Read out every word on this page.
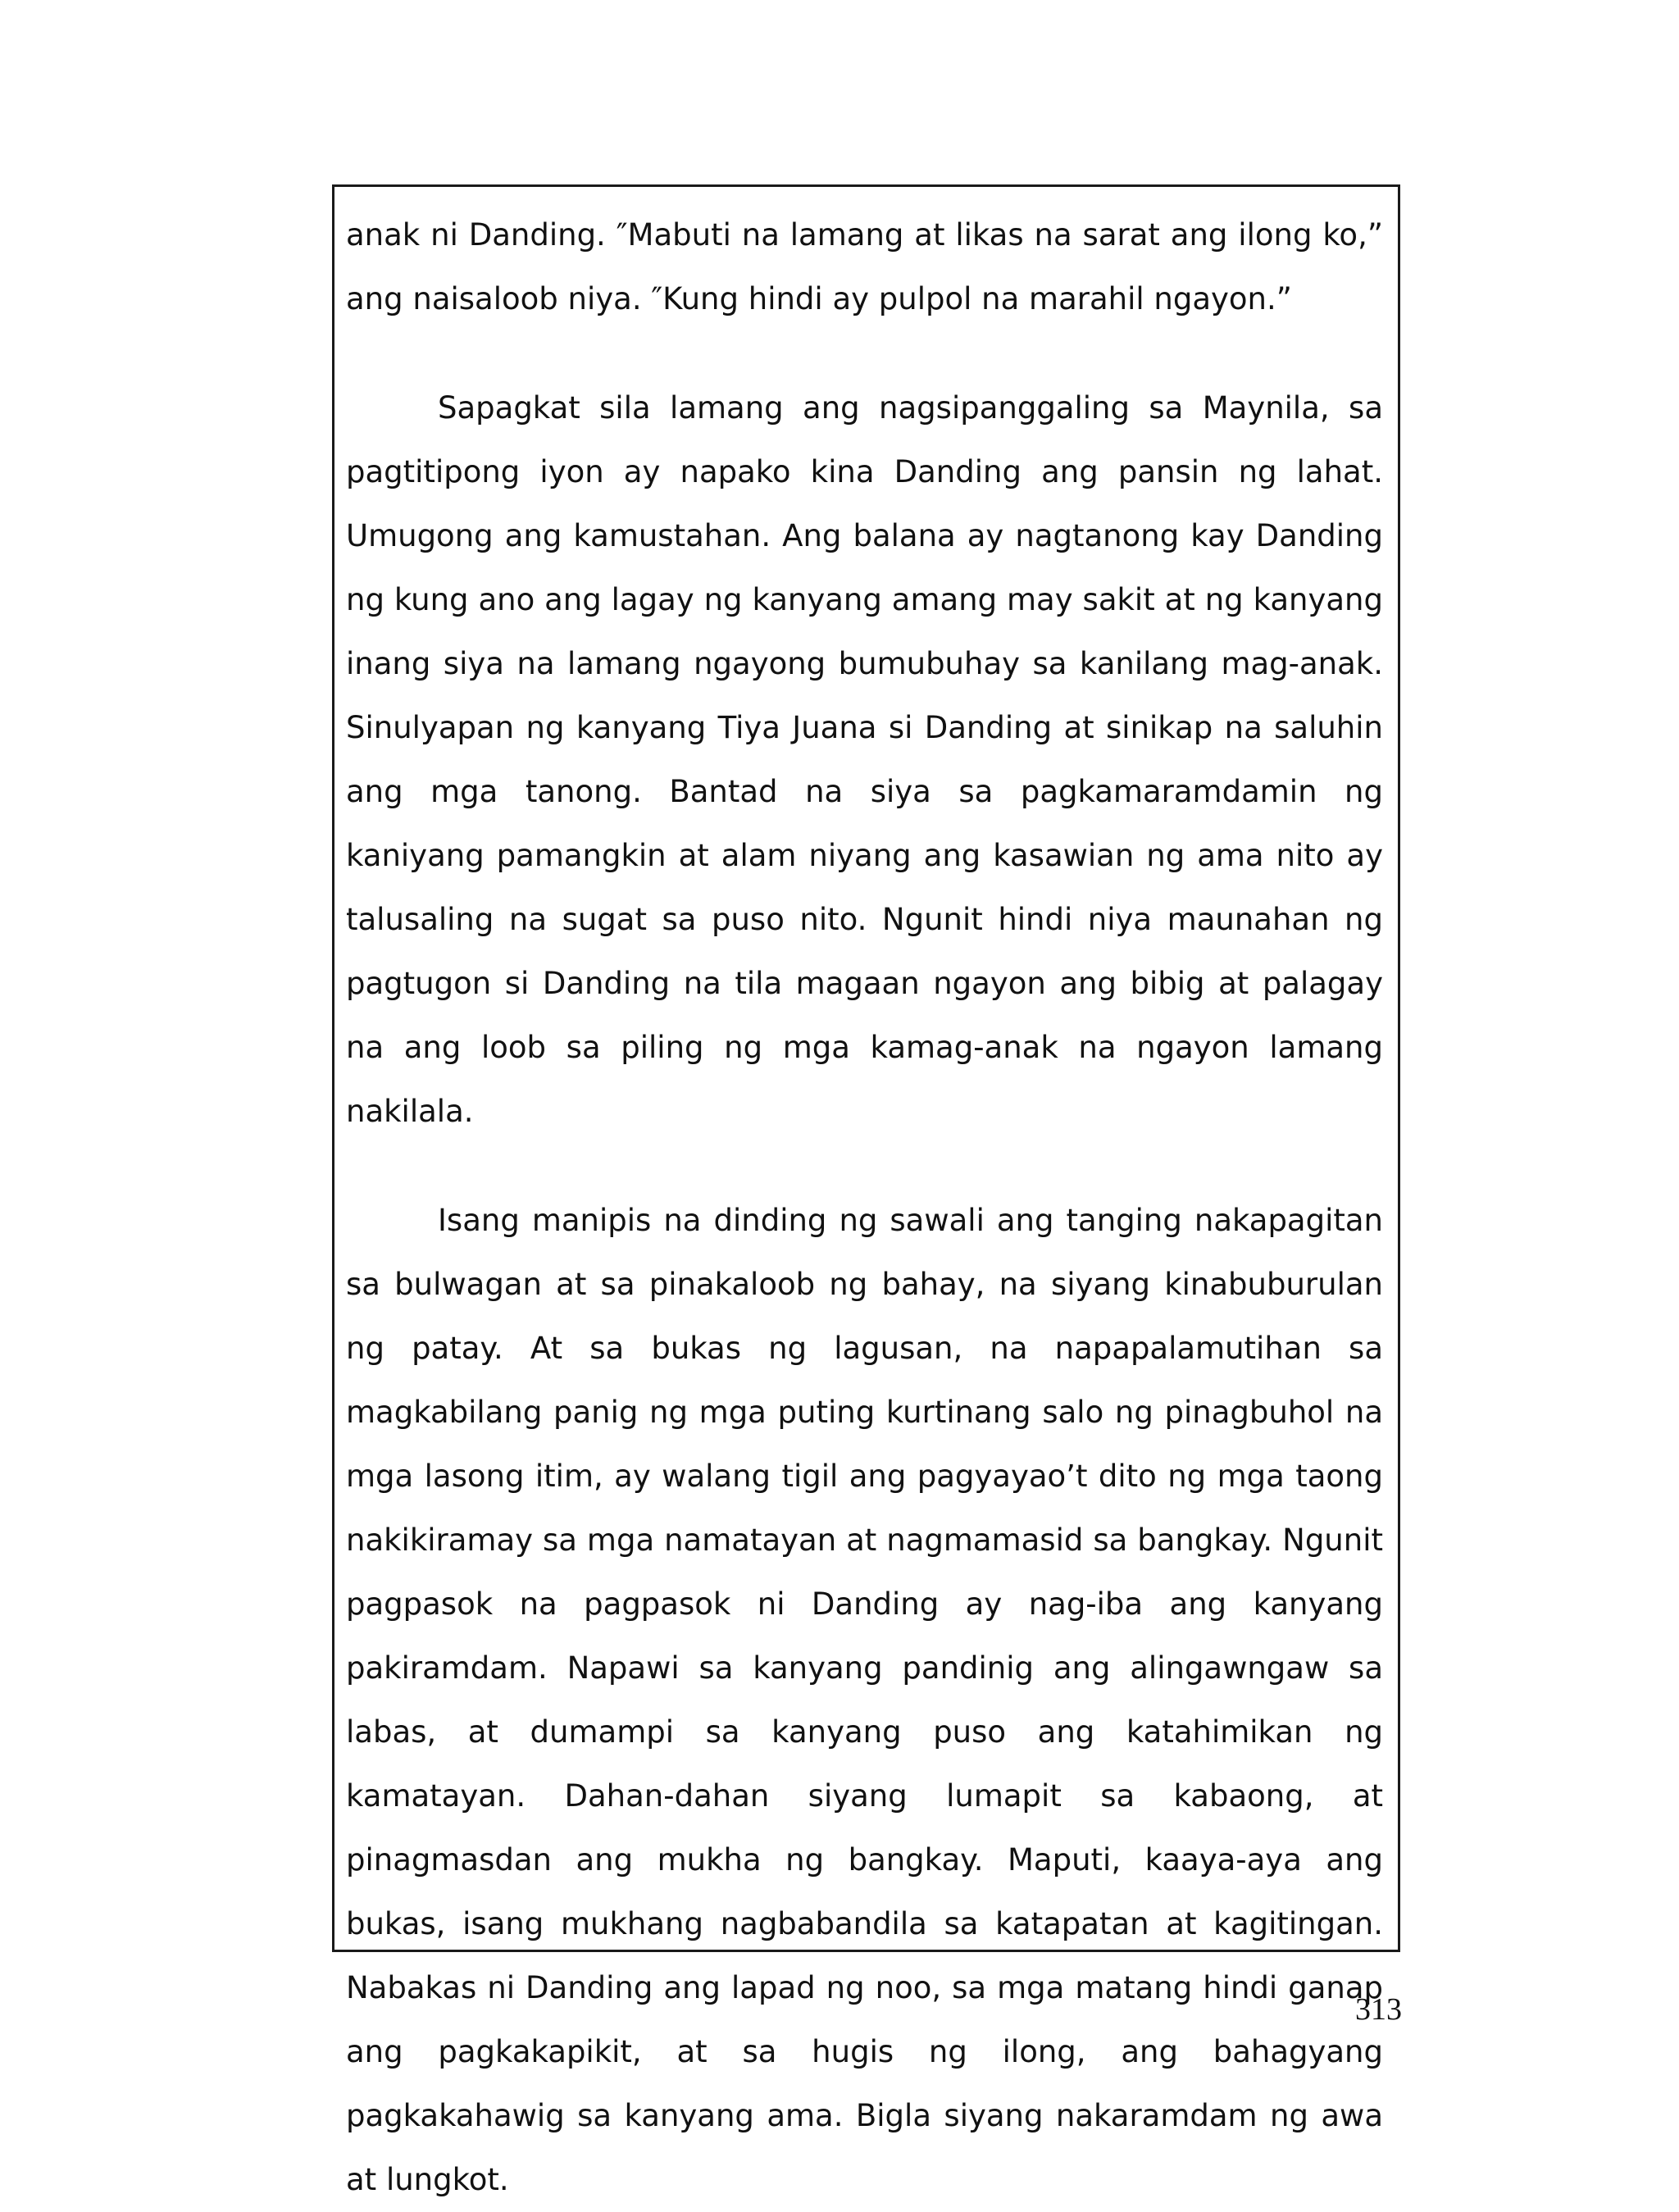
anak ni Danding. ″Mabuti na lamang at likas na sarat ang ilong ko,” ang naisaloob niya. ″Kung hindi ay pulpol na marahil ngayon.”

Sapagkat sila lamang ang nagsipanggaling sa Maynila, sa pagtitipong iyon ay napako kina Danding ang pansin ng lahat. Umugong ang kamustahan. Ang balana ay nagtanong kay Danding ng kung ano ang lagay ng kanyang amang may sakit at ng kanyang inang siya na lamang ngayong bumubuhay sa kanilang mag-anak. Sinulyapan ng kanyang Tiya Juana si Danding at sinikap na saluhin ang mga tanong. Bantad na siya sa pagkamaramdamin ng kaniyang pamangkin at alam niyang ang kasawian ng ama nito ay talusaling na sugat sa puso nito. Ngunit hindi niya maunahan ng pagtugon si Danding na tila magaan ngayon ang bibig at palagay na ang loob sa piling ng mga kamag-anak na ngayon lamang nakilala.

Isang manipis na dinding ng sawali ang tanging nakapagitan sa bulwagan at sa pinakaloob ng bahay, na siyang kinabuburulan ng patay. At sa bukas ng lagusan, na napapalamutihan sa magkabilang panig ng mga puting kurtinang salo ng pinagbuhol na mga lasong itim, ay walang tigil ang pagyayao’t dito ng mga taong nakikiramay sa mga namatayan at nagmamasid sa bangkay. Ngunit pagpasok na pagpasok ni Danding ay nag-iba ang kanyang pakiramdam. Napawi sa kanyang pandinig ang alingawngaw sa labas, at dumampi sa kanyang puso ang katahimikan ng kamatayan. Dahan-dahan siyang lumapit sa kabaong, at pinagmasdan ang mukha ng bangkay. Maputi, kaaya-aya ang bukas, isang mukhang nagbabandila sa katapatan at kagitingan. Nabakas ni Danding ang lapad ng noo, sa mga matang hindi ganap ang pagkakapikit, at sa hugis ng ilong, ang bahagyang pagkakahawig sa kanyang ama. Bigla siyang nakaramdam ng awa at lungkot.

313
